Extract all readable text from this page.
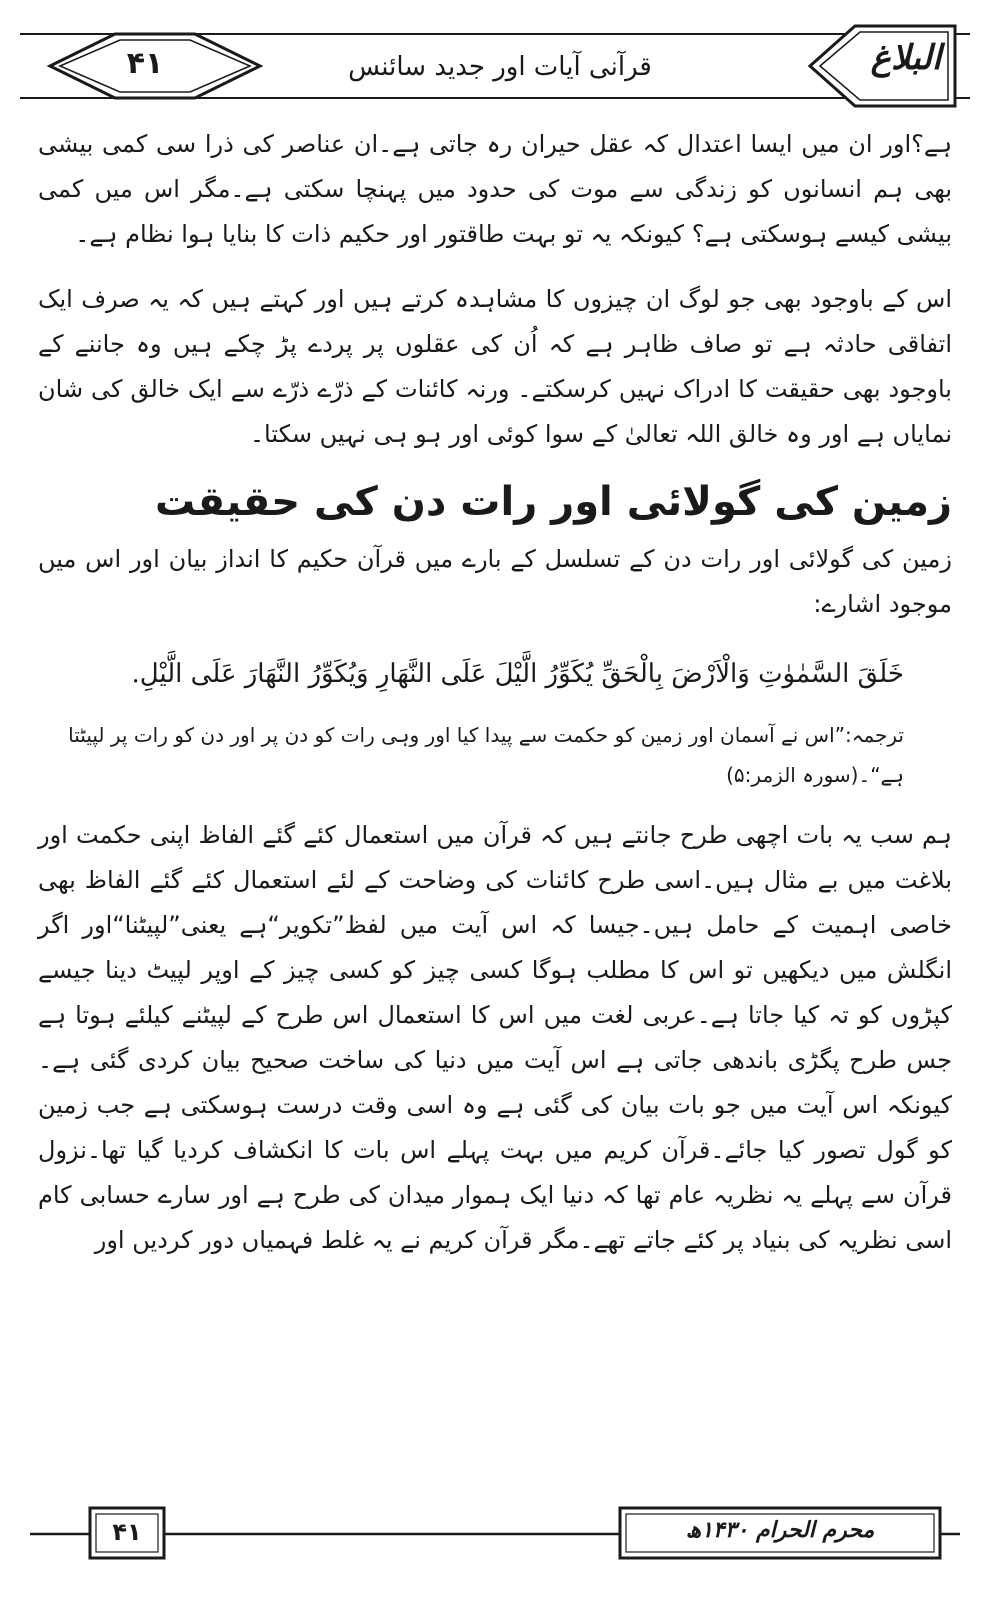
۴۱	قرآنی آیات اور جدید سائنس	البلاغ

ہے؟اور ان میں ایسا اعتدال کہ عقل حیران رہ جاتی ہے۔ان عناصر کی ذرا سی کمی بیشی بھی ہم انسانوں کو زندگی سے موت کی حدود میں پہنچا سکتی ہے۔مگر اس میں کمی بیشی کیسے ہوسکتی ہے؟ کیونکہ یہ تو بہت طاقتور اور حکیم ذات کا بنایا ہوا نظام ہے۔

اس کے باوجود بھی جو لوگ ان چیزوں کا مشاہدہ کرتے ہیں اور کہتے ہیں کہ یہ صرف ایک اتفاقی حادثہ ہے تو صاف ظاہر ہے کہ اُن کی عقلوں پر پردے پڑ چکے ہیں وہ جاننے کے باوجود بھی حقیقت کا ادراک نہیں کرسکتے۔ ورنہ کائنات کے ذرّے ذرّے سے ایک خالق کی شان نمایاں ہے اور وہ خالق اللہ تعالیٰ کے سوا کوئی اور ہو ہی نہیں سکتا۔

زمین کی گولائی اور رات دن کی حقیقت

زمین کی گولائی اور رات دن کے تسلسل کے بارے میں قرآن حکیم کا انداز بیان اور اس میں موجود اشارے:

خَلَقَ السَّمٰوٰتِ وَالْاَرْضَ بِالْحَقِّ يُكَوِّرُ الَّيْلَ عَلَى النَّهَارِ وَيُكَوِّرُ النَّهَارَ عَلَى الَّيْلِ.

ترجمہ:”اس نے آسمان اور زمین کو حکمت سے پیدا کیا اور وہی رات کو دن پر اور دن کو رات پر لپیٹتا ہے“۔(سورہ الزمر:۵)

ہم سب یہ بات اچھی طرح جانتے ہیں کہ قرآن میں استعمال کئے گئے الفاظ اپنی حکمت اور بلاغت میں بے مثال ہیں۔اسی طرح کائنات کی وضاحت کے لئے استعمال کئے گئے الفاظ بھی خاصی اہمیت کے حامل ہیں۔جیسا کہ اس آیت میں لفظ”تکویر“ہے یعنی”لپیٹنا“اور اگر انگلش میں دیکھیں تو اس کا مطلب ہوگا کسی چیز کو کسی چیز کے اوپر لپیٹ دینا جیسے کپڑوں کو تہ کیا جاتا ہے۔عربی لغت میں اس کا استعمال اس طرح کے لپیٹنے کیلئے ہوتا ہے جس طرح پگڑی باندھی جاتی ہے اس آیت میں دنیا کی ساخت صحیح بیان کردی گئی ہے۔کیونکہ اس آیت میں جو بات بیان کی گئی ہے وہ اسی وقت درست ہوسکتی ہے جب زمین کو گول تصور کیا جائے۔قرآن کریم میں بہت پہلے اس بات کا انکشاف کردیا گیا تھا۔نزول قرآن سے پہلے یہ نظریہ عام تھا کہ دنیا ایک ہموار میدان کی طرح ہے اور سارے حسابی کام اسی نظریہ کی بنیاد پر کئے جاتے تھے۔مگر قرآن کریم نے یہ غلط فہمیاں دور کردیں اور

۴۱	محرم الحرام ۱۴۳۰ھ
